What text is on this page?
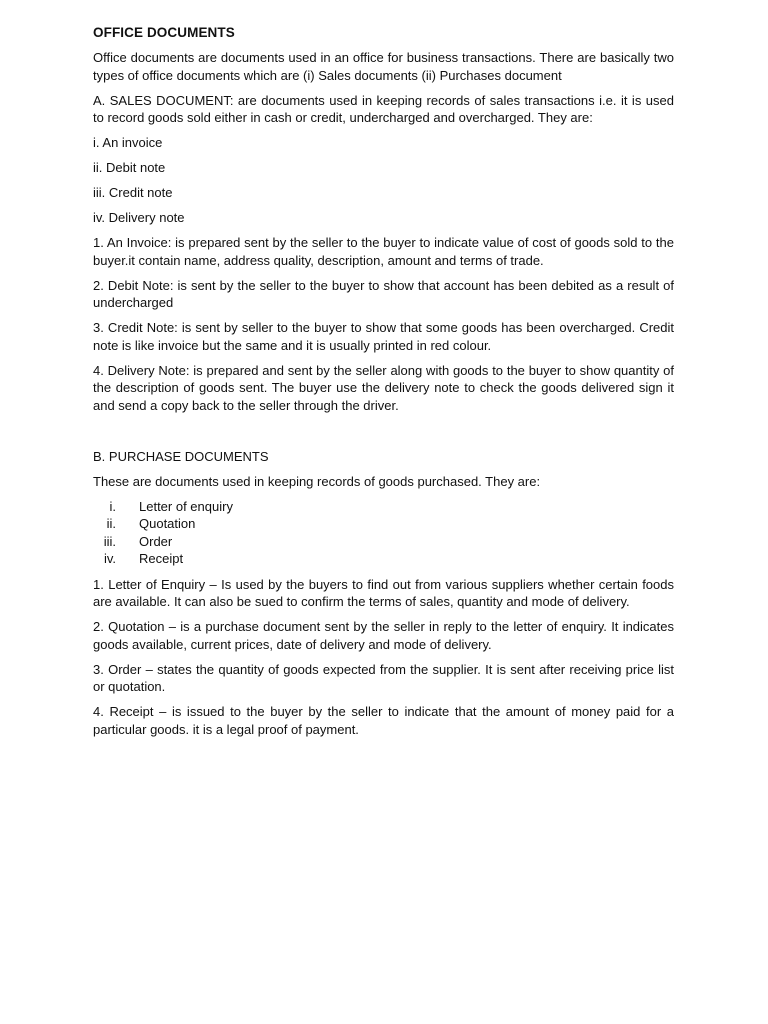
OFFICE DOCUMENTS

Office documents are documents used in an office for business transactions. There are basically two types of office documents which are (i) Sales documents (ii) Purchases document

A. SALES DOCUMENT: are documents used in keeping records of sales transactions i.e. it is used to record goods sold either in cash or credit, undercharged and overcharged. They are:

i. An invoice

ii. Debit note

iii. Credit note

iv. Delivery note

1. An Invoice: is prepared sent by the seller to the buyer to indicate value of cost of goods sold to the buyer.it contain name, address quality, description, amount and terms of trade.

2. Debit Note: is sent by the seller to the buyer to show that account has been debited as a result of undercharged

3. Credit Note: is sent by seller to the buyer to show that some goods has been overcharged. Credit note is like invoice but the same and it is usually printed in red colour.

4. Delivery Note: is prepared and sent by the seller along with goods to the buyer to show quantity of the description of goods sent. The buyer use the delivery note to check the goods delivered sign it and send a copy back to the seller through the driver.

B. PURCHASE DOCUMENTS

These are documents used in keeping records of goods purchased. They are:

i. Letter of enquiry
ii. Quotation
iii. Order
iv. Receipt

1. Letter of Enquiry – Is used by the buyers to find out from various suppliers whether certain foods are available. It can also be sued to confirm the terms of sales, quantity and mode of delivery.

2. Quotation – is a purchase document sent by the seller in reply to the letter of enquiry. It indicates goods available, current prices, date of delivery and mode of delivery.

3. Order – states the quantity of goods expected from the supplier. It is sent after receiving price list or quotation.

4. Receipt – is issued to the buyer by the seller to indicate that the amount of money paid for a particular goods. it is a legal proof of payment.
